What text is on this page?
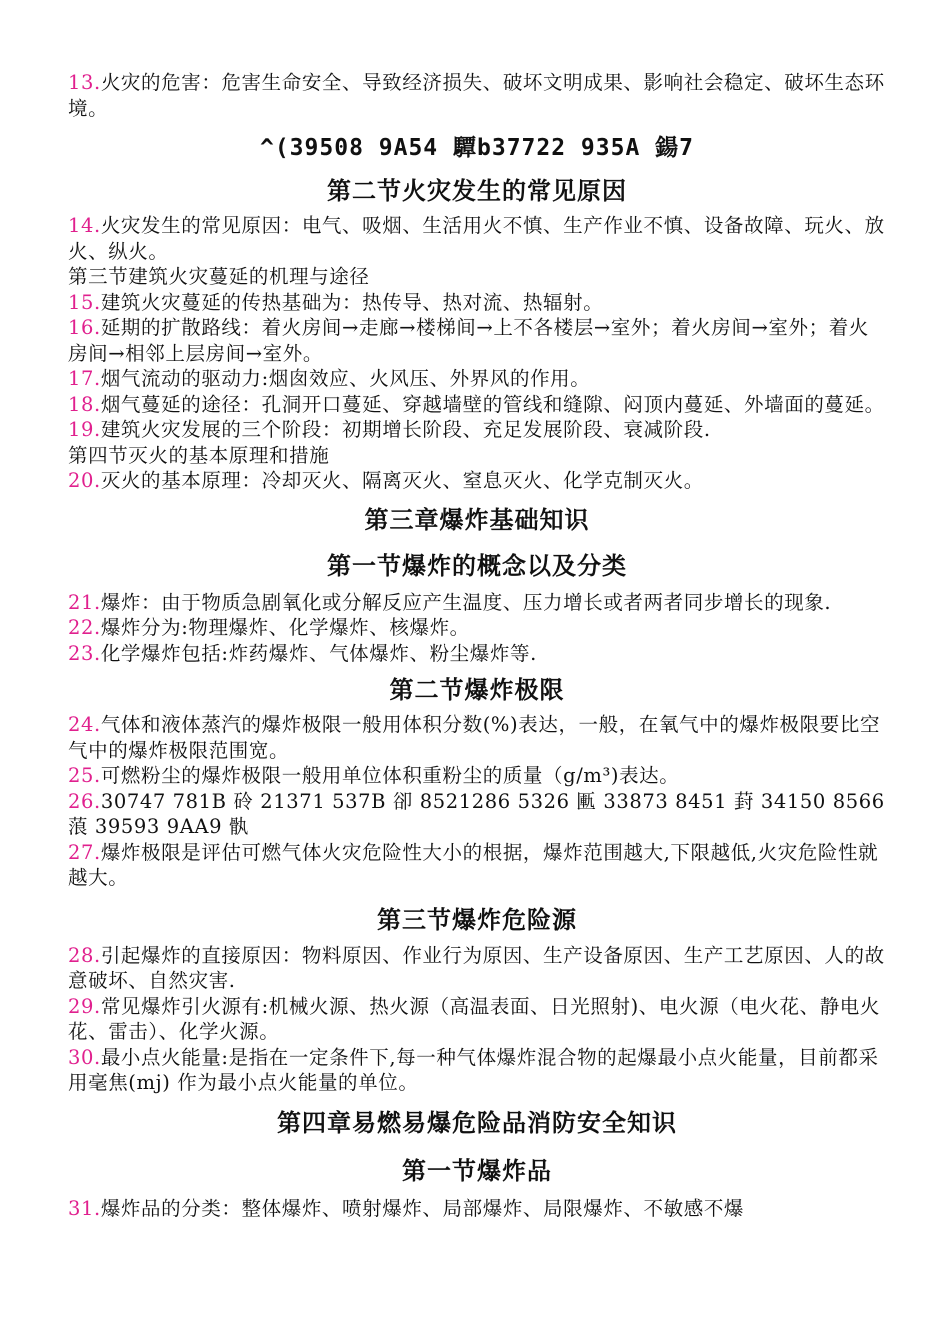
13.火灾的危害：危害生命安全、导致经济损失、破坏文明成果、影响社会稳定、破坏生态环境。

^(39508 9A54 驔b37722 935A 鍚7

第二节火灾发生的常见原因

14.火灾发生的常见原因：电气、吸烟、生活用火不慎、生产作业不慎、设备故障、玩火、放火、纵火。

第三节建筑火灾蔓延的机理与途径

15.建筑火灾蔓延的传热基础为：热传导、热对流、热辐射。

16.延期的扩散路线：着火房间→走廊→楼梯间→上不各楼层→室外；着火房间→室外；着火房间→相邻上层房间→室外。

17.烟气流动的驱动力:烟囱效应、火风压、外界风的作用。

18.烟气蔓延的途径：孔洞开口蔓延、穿越墙壁的管线和缝隙、闷顶内蔓延、外墙面的蔓延。

19.建筑火灾发展的三个阶段：初期增长阶段、充足发展阶段、衰减阶段.

第四节灭火的基本原理和措施

20.灭火的基本原理：冷却灭火、隔离灭火、窒息灭火、化学克制灭火。

第三章爆炸基础知识

第一节爆炸的概念以及分类

21.爆炸：由于物质急剧氧化或分解反应产生温度、压力增长或者两者同步增长的现象.

22.爆炸分为:物理爆炸、化学爆炸、核爆炸。

23.化学爆炸包括:炸药爆炸、气体爆炸、粉尘爆炸等.

第二节爆炸极限

24.气体和液体蒸汽的爆炸极限一般用体积分数(%)表达，一般，在氧气中的爆炸极限要比空气中的爆炸极限范围宽。

25.可燃粉尘的爆炸极限一般用单位体积重粉尘的质量（g/m³)表达。

26.30747 781B 砱 21371 537B 卻 8521286 5326 匭 33873 8451 葑 34150 8566 蒗 39593 9AA9 骫

27.爆炸极限是评估可燃气体火灾危险性大小的根据，爆炸范围越大,下限越低,火灾危险性就越大。

第三节爆炸危险源

28.引起爆炸的直接原因：物料原因、作业行为原因、生产设备原因、生产工艺原因、人的故意破坏、自然灾害.

29.常见爆炸引火源有:机械火源、热火源（高温表面、日光照射)、电火源（电火花、静电火花、雷击）、化学火源。

30.最小点火能量:是指在一定条件下,每一种气体爆炸混合物的起爆最小点火能量，目前都采用毫焦(mj) 作为最小点火能量的单位。

第四章易燃易爆危险品消防安全知识

第一节爆炸品

31.爆炸品的分类：整体爆炸、喷射爆炸、局部爆炸、局限爆炸、不敏感不爆
